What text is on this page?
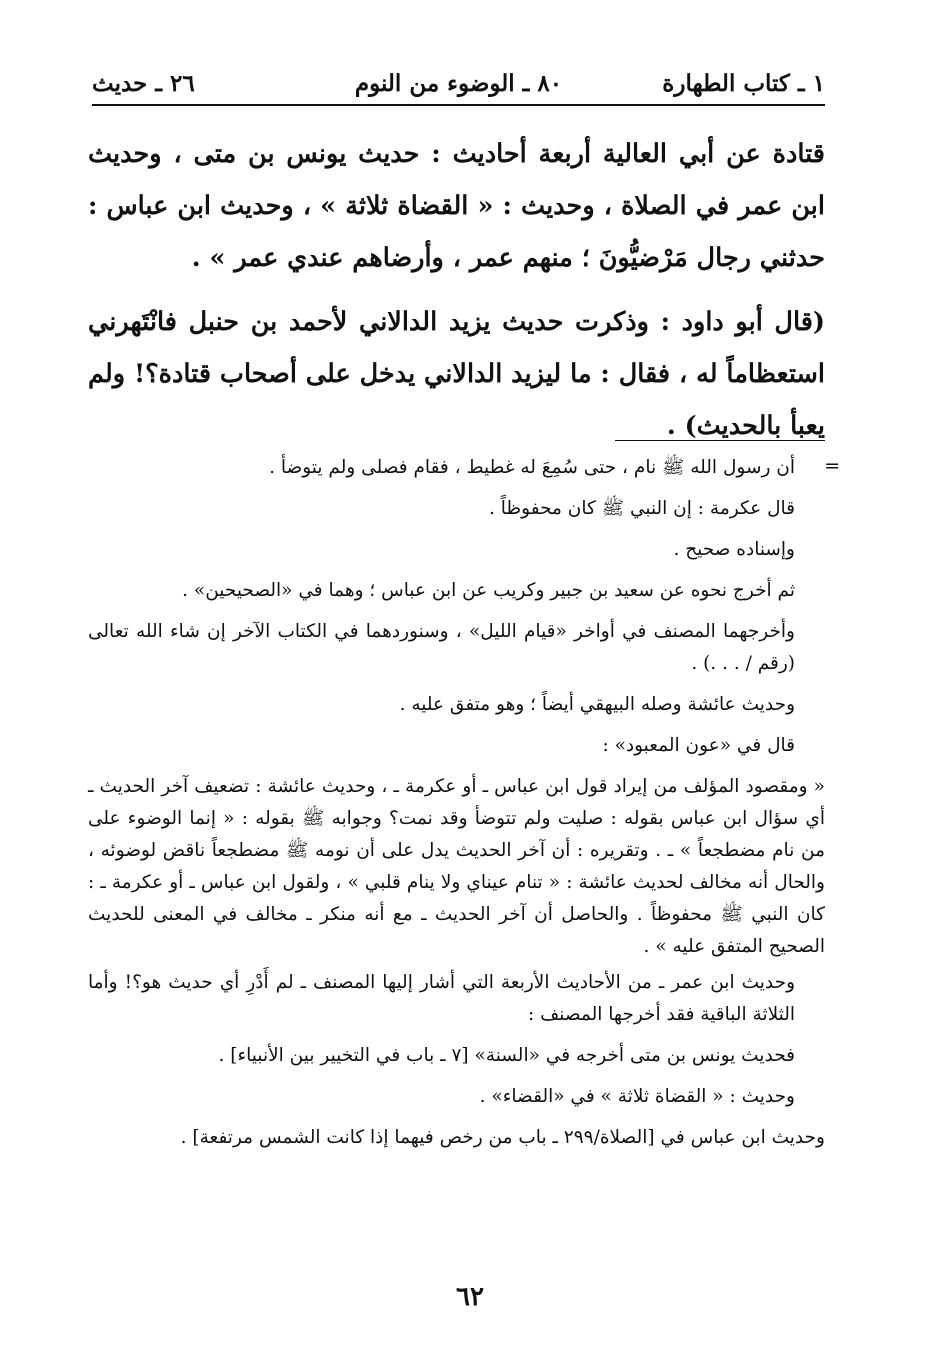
١ ـ كتاب الطهارة
٨٠ ـ الوضوء من النوم
٢٦ ـ حديث

قتادة عن أبي العالية أربعة أحاديث : حديث يونس بن متى ، وحديث ابن عمر في الصلاة ، وحديث : « القضاة ثلاثة » ، وحديث ابن عباس : حدثني رجال مَرْضيُّونَ ؛ منهم عمر ، وأرضاهم عندي عمر » .

(قال أبو داود : وذكرت حديث يزيد الدالاني لأحمد بن حنبل فانْتَهرني استعظاماً له ، فقال : ما ليزيد الدالاني يدخل على أصحاب قتادة؟! ولم يعبأ بالحديث) .

=

أن رسول الله ﷺ نام ، حتى سُمِعَ له غطيط ، فقام فصلى ولم يتوضأ .

قال عكرمة : إن النبي ﷺ كان محفوظاً .

وإسناده صحيح .

ثم أخرج نحوه عن سعيد بن جبير وكريب عن ابن عباس ؛ وهما في «الصحيحين» .

وأخرجهما المصنف في أواخر «قيام الليل» ، وسنوردهما في الكتاب الآخر إن شاء الله تعالى (رقم / . . .) .

وحديث عائشة وصله البيهقي أيضاً ؛ وهو متفق عليه .

قال في «عون المعبود» :

« ومقصود المؤلف من إيراد قول ابن عباس ـ أو عكرمة ـ ، وحديث عائشة : تضعيف آخر الحديث ـ أي سؤال ابن عباس بقوله : صليت ولم تتوضأ وقد نمت؟ وجوابه ﷺ بقوله : « إنما الوضوء على من نام مضطجعاً » ـ . وتقريره : أن آخر الحديث يدل على أن نومه ﷺ مضطجعاً ناقض لوضوئه ، والحال أنه مخالف لحديث عائشة : « تنام عيناي ولا ينام قلبي » ، ولقول ابن عباس ـ أو عكرمة ـ : كان النبي ﷺ محفوظاً . والحاصل أن آخر الحديث ـ مع أنه منكر ـ مخالف في المعنى للحديث الصحيح المتفق عليه » .

وحديث ابن عمر ـ من الأحاديث الأربعة التي أشار إليها المصنف ـ لم أَدْرِ أي حديث هو؟! وأما الثلاثة الباقية فقد أخرجها المصنف :

فحديث يونس بن متى أخرجه في «السنة» [٧ ـ باب في التخيير بين الأنبياء] .

وحديث : « القضاة ثلاثة » في «القضاء» .

وحديث ابن عباس في [الصلاة/٢٩٩ ـ باب من رخص فيهما إذا كانت الشمس مرتفعة] .

٦٢
